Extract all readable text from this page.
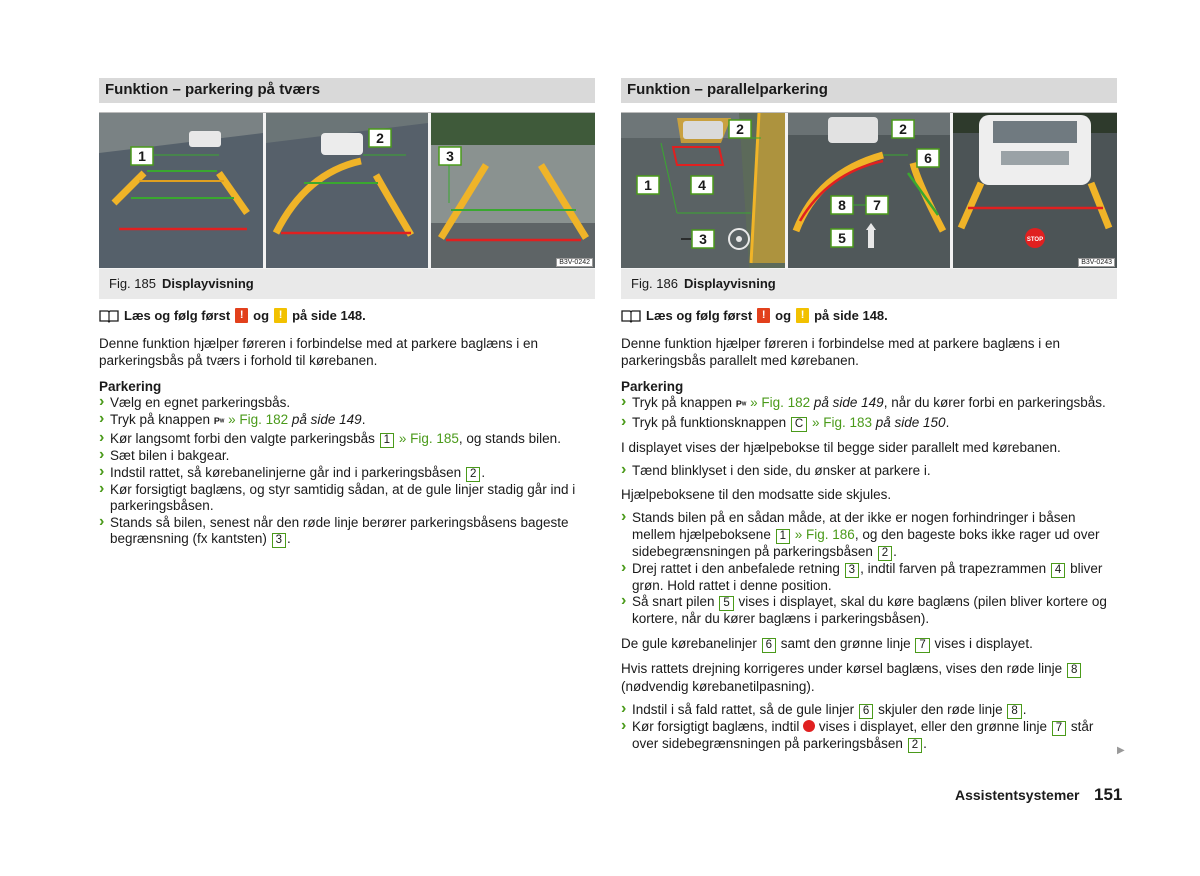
Funktion – parkering på tværs
1
2
3
B3V-0242
Fig. 185 Displayvisning
Læs og følg først ! og ! på side 148.

Denne funktion hjælper føreren i forbindelse med at parkere baglæns i en parkeringsbås på tværs i forhold til kørebanen.

Parkering

› Vælg en egnet parkeringsbås.
› Tryk på knappen Pᵂ » Fig. 182 på side 149.
› Kør langsomt forbi den valgte parkeringsbås 1 » Fig. 185, og stands bilen.
› Sæt bilen i bakgear.
› Indstil rattet, så kørebanelinjerne går ind i parkeringsbåsen 2 .
› Kør forsigtigt baglæns, og styr samtidig sådan, at de gule linjer stadig går ind i parkeringsbåsen.
› Stands så bilen, senest når den røde linje berører parkeringsbåsens bageste begrænsning (fx kantsten) 3 .
Funktion – parallelparkering
2
1	4
3
2
6
8 7
5	STOP
B3V-0243
Fig. 186 Displayvisning
Læs og følg først ! og ! på side 148.

Denne funktion hjælper føreren i forbindelse med at parkere baglæns i en parkeringsbås parallelt med kørebanen.

Parkering

› Tryk på knappen Pᵂ » Fig. 182 på side 149, når du kører forbi en parkeringsbås.
› Tryk på funktionsknappen C » Fig. 183 på side 150.

I displayet vises der hjælpebokse til begge sider parallelt med kørebanen.

› Tænd blinklyset i den side, du ønsker at parkere i.

Hjælpeboksene til den modsatte side skjules.

› Stands bilen på en sådan måde, at der ikke er nogen forhindringer i båsen mellem hjælpeboksene 1 » Fig. 186, og den bageste boks ikke rager ud over sidebegrænsningen på parkeringsbåsen 2 .
› Drej rattet i den anbefalede retning 3 , indtil farven på trapezrammen 4 bliver grøn. Hold rattet i denne position.
› Så snart pilen 5 vises i displayet, skal du køre baglæns (pilen bliver kortere og kortere, når du kører baglæns i parkeringsbåsen).

De gule kørebanelinjer 6 samt den grønne linje 7 vises i displayet.

Hvis rattets drejning korrigeres under kørsel baglæns, vises den røde linje 8 (nødvendig kørebanetilpasning).

› Indstil i så fald rattet, så de gule linjer 6 skjuler den røde linje 8 .
› Kør forsigtigt baglæns, indtil vises i displayet, eller den grønne linje 7 står over sidebegrænsningen på parkeringsbåsen 2 .	▶
Assistentsystemer 151
